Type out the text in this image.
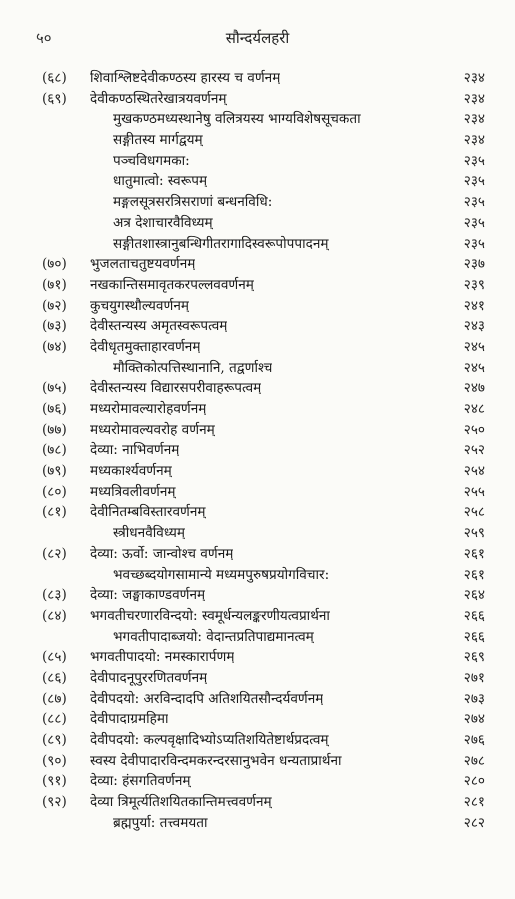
५०	सौन्दर्यलहरी
(६८) शिवाश्लिष्टदेवीकण्ठस्य हारस्य च वर्णनम्	२३४
(६९) देवीकण्ठस्थितरेखात्रयवर्णनम्	२३४
मुखकण्ठमध्यस्थानेषु वलित्रयस्य भाग्यविशेषसूचकता	२३४
सङ्गीतस्य मार्गद्वयम्	२३४
पञ्चविधगमका:	२३५
धातुमात्वो: स्वरूपम्	२३५
मङ्गलसूत्रसरत्रिसराणां बन्धनविधि:	२३५
अत्र देशाचारवैविध्यम्	२३५
सङ्गीतशास्त्रानुबन्धिगीतरागादिस्वरूपोपपादनम्	२३५
(७०) भुजलताचतुष्टयवर्णनम्	२३७
(७१) नखकान्तिसमावृतकरपल्लववर्णनम्	२३९
(७२) कुचयुगस्थौल्यवर्णनम्	२४१
(७३) देवीस्तन्यस्य अमृतस्वरूपत्वम्	२४३
(७४) देवीधृतमुक्ताहारवर्णनम्	२४५
मौक्तिकोत्पत्तिस्थानानि, तद्वर्णाश्च	२४५
(७५) देवीस्तन्यस्य विद्यारसपरीवाहरूपत्वम्	२४७
(७६) मध्यरोमावल्यारोहवर्णनम्	२४८
(७७) मध्यरोमावल्यवरोह वर्णनम्	२५०
(७८) देव्या: नाभिवर्णनम्	२५२
(७९) मध्यकार्श्यवर्णनम्	२५४
(८०) मध्यत्रिवलीवर्णनम्	२५५
(८१) देवीनितम्बविस्तारवर्णनम्	२५८
स्त्रीधनवैविध्यम्	२५९
(८२) देव्या: ऊर्वो: जान्वोश्च वर्णनम्	२६१
भवच्छब्दयोगसामान्ये मध्यमपुरुषप्रयोगविचार:	२६१
(८३) देव्या: जङ्घाकाण्डवर्णनम्	२६४
(८४) भगवतीचरणारविन्दयो: स्वमूर्धन्यलङ्करणीयत्वप्रार्थना	२६६
भगवतीपादाब्जयो: वेदान्तप्रतिपाद्यमानत्वम्	२६६
(८५) भगवतीपादयो: नमस्कारार्पणम्	२६९
(८६) देवीपादनूपुररणितवर्णनम्	२७१
(८७) देवीपदयो: अरविन्दादपि अतिशयितसौन्दर्यवर्णनम्	२७३
(८८) देवीपादाग्रमहिमा	२७४
(८९) देवीपदयो: कल्पवृक्षादिभ्योऽप्यतिशयितेष्टार्थप्रदत्वम्	२७६
(९०) स्वस्य देवीपादारविन्दमकरन्दरसानुभवेन धन्यताप्रार्थना	२७८
(९१) देव्या: हंसगतिवर्णनम्	२८०
(९२) देव्या त्रिमूर्त्यतिशयितकान्तिमत्त्ववर्णनम्	२८१
ब्रह्मपुर्या: तत्त्वमयता	२८२
